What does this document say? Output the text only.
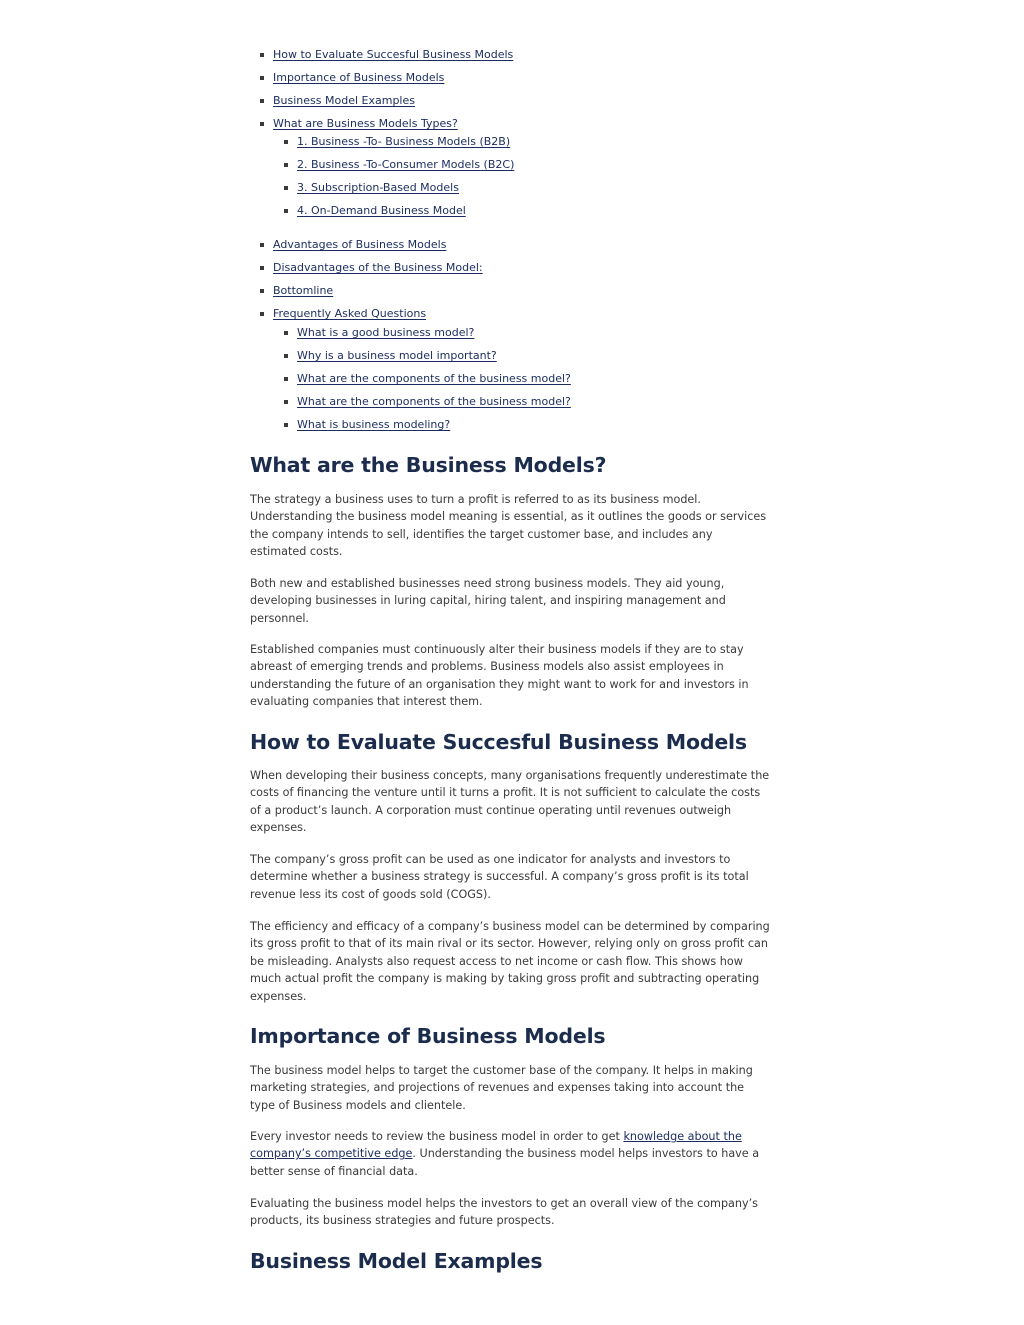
How to Evaluate Succesful Business Models
Importance of Business Models
Business Model Examples
What are Business Models Types?
1. Business -To- Business Models (B2B)
2. Business -To-Consumer Models (B2C)
3. Subscription-Based Models
4. On-Demand Business Model
Advantages of Business Models
Disadvantages of the Business Model:
Bottomline
Frequently Asked Questions
What is a good business model?
Why is a business model important?
What are the components of the business model?
What are the components of the business model?
What is business modeling?
What are the Business Models?

The strategy a business uses to turn a profit is referred to as its business model. Understanding the business model meaning is essential, as it outlines the goods or services the company intends to sell, identifies the target customer base, and includes any estimated costs.

Both new and established businesses need strong business models. They aid young, developing businesses in luring capital, hiring talent, and inspiring management and personnel.

Established companies must continuously alter their business models if they are to stay abreast of emerging trends and problems. Business models also assist employees in understanding the future of an organisation they might want to work for and investors in evaluating companies that interest them.

How to Evaluate Succesful Business Models

When developing their business concepts, many organisations frequently underestimate the costs of financing the venture until it turns a profit. It is not sufficient to calculate the costs of a product’s launch. A corporation must continue operating until revenues outweigh expenses.

The company’s gross profit can be used as one indicator for analysts and investors to determine whether a business strategy is successful. A company’s gross profit is its total revenue less its cost of goods sold (COGS).

The efficiency and efficacy of a company’s business model can be determined by comparing its gross profit to that of its main rival or its sector. However, relying only on gross profit can be misleading. Analysts also request access to net income or cash flow. This shows how much actual profit the company is making by taking gross profit and subtracting operating expenses.

Importance of Business Models

The business model helps to target the customer base of the company. It helps in making marketing strategies, and projections of revenues and expenses taking into account the type of Business models and clientele.

Every investor needs to review the business model in order to get knowledge about the company’s competitive edge. Understanding the business model helps investors to have a better sense of financial data.

Evaluating the business model helps the investors to get an overall view of the company’s products, its business strategies and future prospects.

Business Model Examples
